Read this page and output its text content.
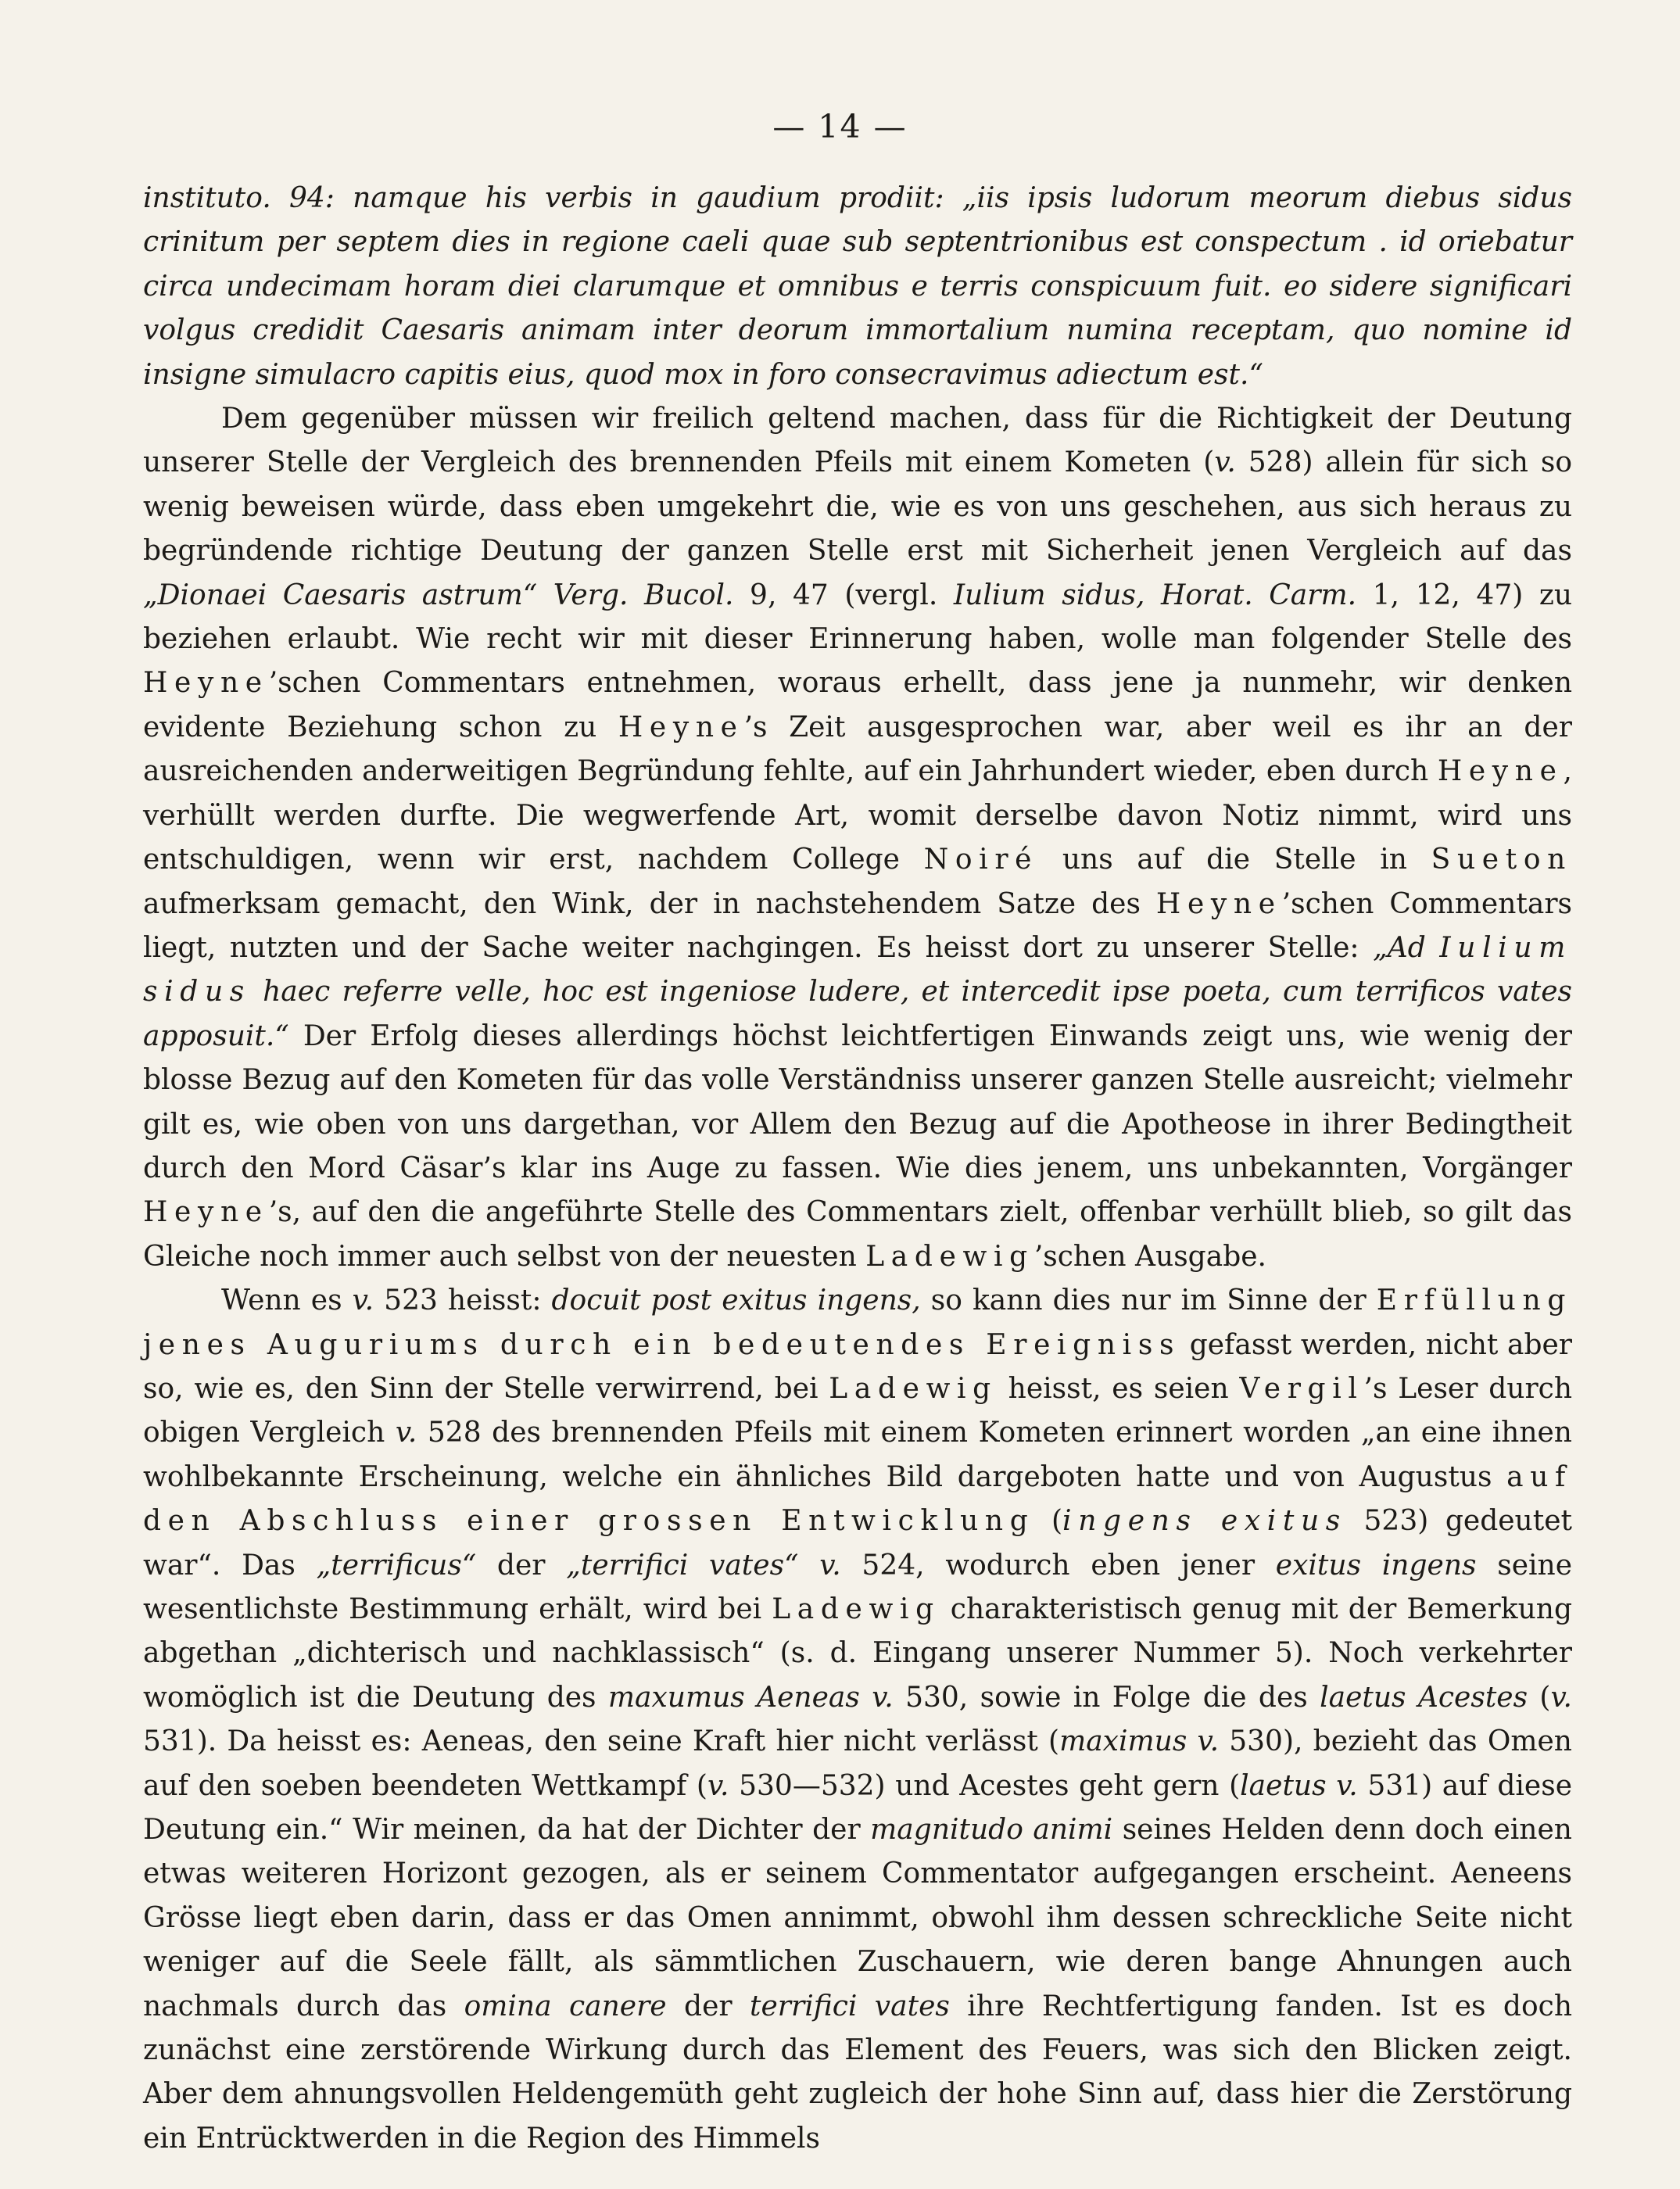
— 14 —

instituto. 94: namque his verbis in gaudium prodiit: „iis ipsis ludorum meorum diebus sidus crinitum per septem dies in regione caeli quae sub septentrionibus est conspectum . id oriebatur circa undecimam horam diei clarumque et omnibus e terris conspicuum fuit. eo sidere significari volgus credidit Caesaris animam inter deorum immortalium numina receptam, quo nomine id insigne simulacro capitis eius, quod mox in foro consecravimus adiectum est.“

Dem gegenüber müssen wir freilich geltend machen, dass für die Richtigkeit der Deutung unserer Stelle der Vergleich des brennenden Pfeils mit einem Kometen (v. 528) allein für sich so wenig beweisen würde, dass eben umgekehrt die, wie es von uns geschehen, aus sich heraus zu begründende richtige Deutung der ganzen Stelle erst mit Sicherheit jenen Vergleich auf das „Dionaei Caesaris astrum“ Verg. Bucol. 9, 47 (vergl. Iulium sidus, Horat. Carm. 1, 12, 47) zu beziehen erlaubt. Wie recht wir mit dieser Erinnerung haben, wolle man folgender Stelle des Heyne’schen Commentars entnehmen, woraus erhellt, dass jene ja nunmehr, wir denken evidente Beziehung schon zu Heyne’s Zeit ausgesprochen war, aber weil es ihr an der ausreichenden anderweitigen Begründung fehlte, auf ein Jahrhundert wieder, eben durch Heyne, verhüllt werden durfte. Die wegwerfende Art, womit derselbe davon Notiz nimmt, wird uns entschuldigen, wenn wir erst, nachdem College Noiré uns auf die Stelle in Sueton aufmerksam gemacht, den Wink, der in nachstehendem Satze des Heyne’schen Commentars liegt, nutzten und der Sache weiter nachgingen. Es heisst dort zu unserer Stelle: „Ad Iulium sidus haec referre velle, hoc est ingeniose ludere, et intercedit ipse poeta, cum terrificos vates apposuit.“ Der Erfolg dieses allerdings höchst leichtfertigen Einwands zeigt uns, wie wenig der blosse Bezug auf den Kometen für das volle Verständniss unserer ganzen Stelle ausreicht; vielmehr gilt es, wie oben von uns dargethan, vor Allem den Bezug auf die Apotheose in ihrer Bedingtheit durch den Mord Cäsar’s klar ins Auge zu fassen. Wie dies jenem, uns unbekannten, Vorgänger Heyne’s, auf den die angeführte Stelle des Commentars zielt, offenbar verhüllt blieb, so gilt das Gleiche noch immer auch selbst von der neuesten Ladewig’schen Ausgabe.

Wenn es v. 523 heisst: docuit post exitus ingens, so kann dies nur im Sinne der Erfüllung jenes Auguriums durch ein bedeutendes Ereigniss gefasst werden, nicht aber so, wie es, den Sinn der Stelle verwirrend, bei Ladewig heisst, es seien Vergil’s Leser durch obigen Vergleich v. 528 des brennenden Pfeils mit einem Kometen erinnert worden „an eine ihnen wohlbekannte Erscheinung, welche ein ähnliches Bild dargeboten hatte und von Augustus auf den Abschluss einer grossen Entwicklung (ingens exitus 523) gedeutet war“. Das „terrificus“ der „terrifici vates“ v. 524, wodurch eben jener exitus ingens seine wesentlichste Bestimmung erhält, wird bei Ladewig charakteristisch genug mit der Bemerkung abgethan „dichterisch und nachklassisch“ (s. d. Eingang unserer Nummer 5). Noch verkehrter womöglich ist die Deutung des maxumus Aeneas v. 530, sowie in Folge die des laetus Acestes (v. 531). Da heisst es: Aeneas, den seine Kraft hier nicht verlässt (maximus v. 530), bezieht das Omen auf den soeben beendeten Wettkampf (v. 530—532) und Acestes geht gern (laetus v. 531) auf diese Deutung ein.“ Wir meinen, da hat der Dichter der magnitudo animi seines Helden denn doch einen etwas weiteren Horizont gezogen, als er seinem Commentator aufgegangen erscheint. Aeneens Grösse liegt eben darin, dass er das Omen annimmt, obwohl ihm dessen schreckliche Seite nicht weniger auf die Seele fällt, als sämmtlichen Zuschauern, wie deren bange Ahnungen auch nachmals durch das omina canere der terrifici vates ihre Rechtfertigung fanden. Ist es doch zunächst eine zerstörende Wirkung durch das Element des Feuers, was sich den Blicken zeigt. Aber dem ahnungsvollen Heldengemüth geht zugleich der hohe Sinn auf, dass hier die Zerstörung ein Entrücktwerden in die Region des Himmels
